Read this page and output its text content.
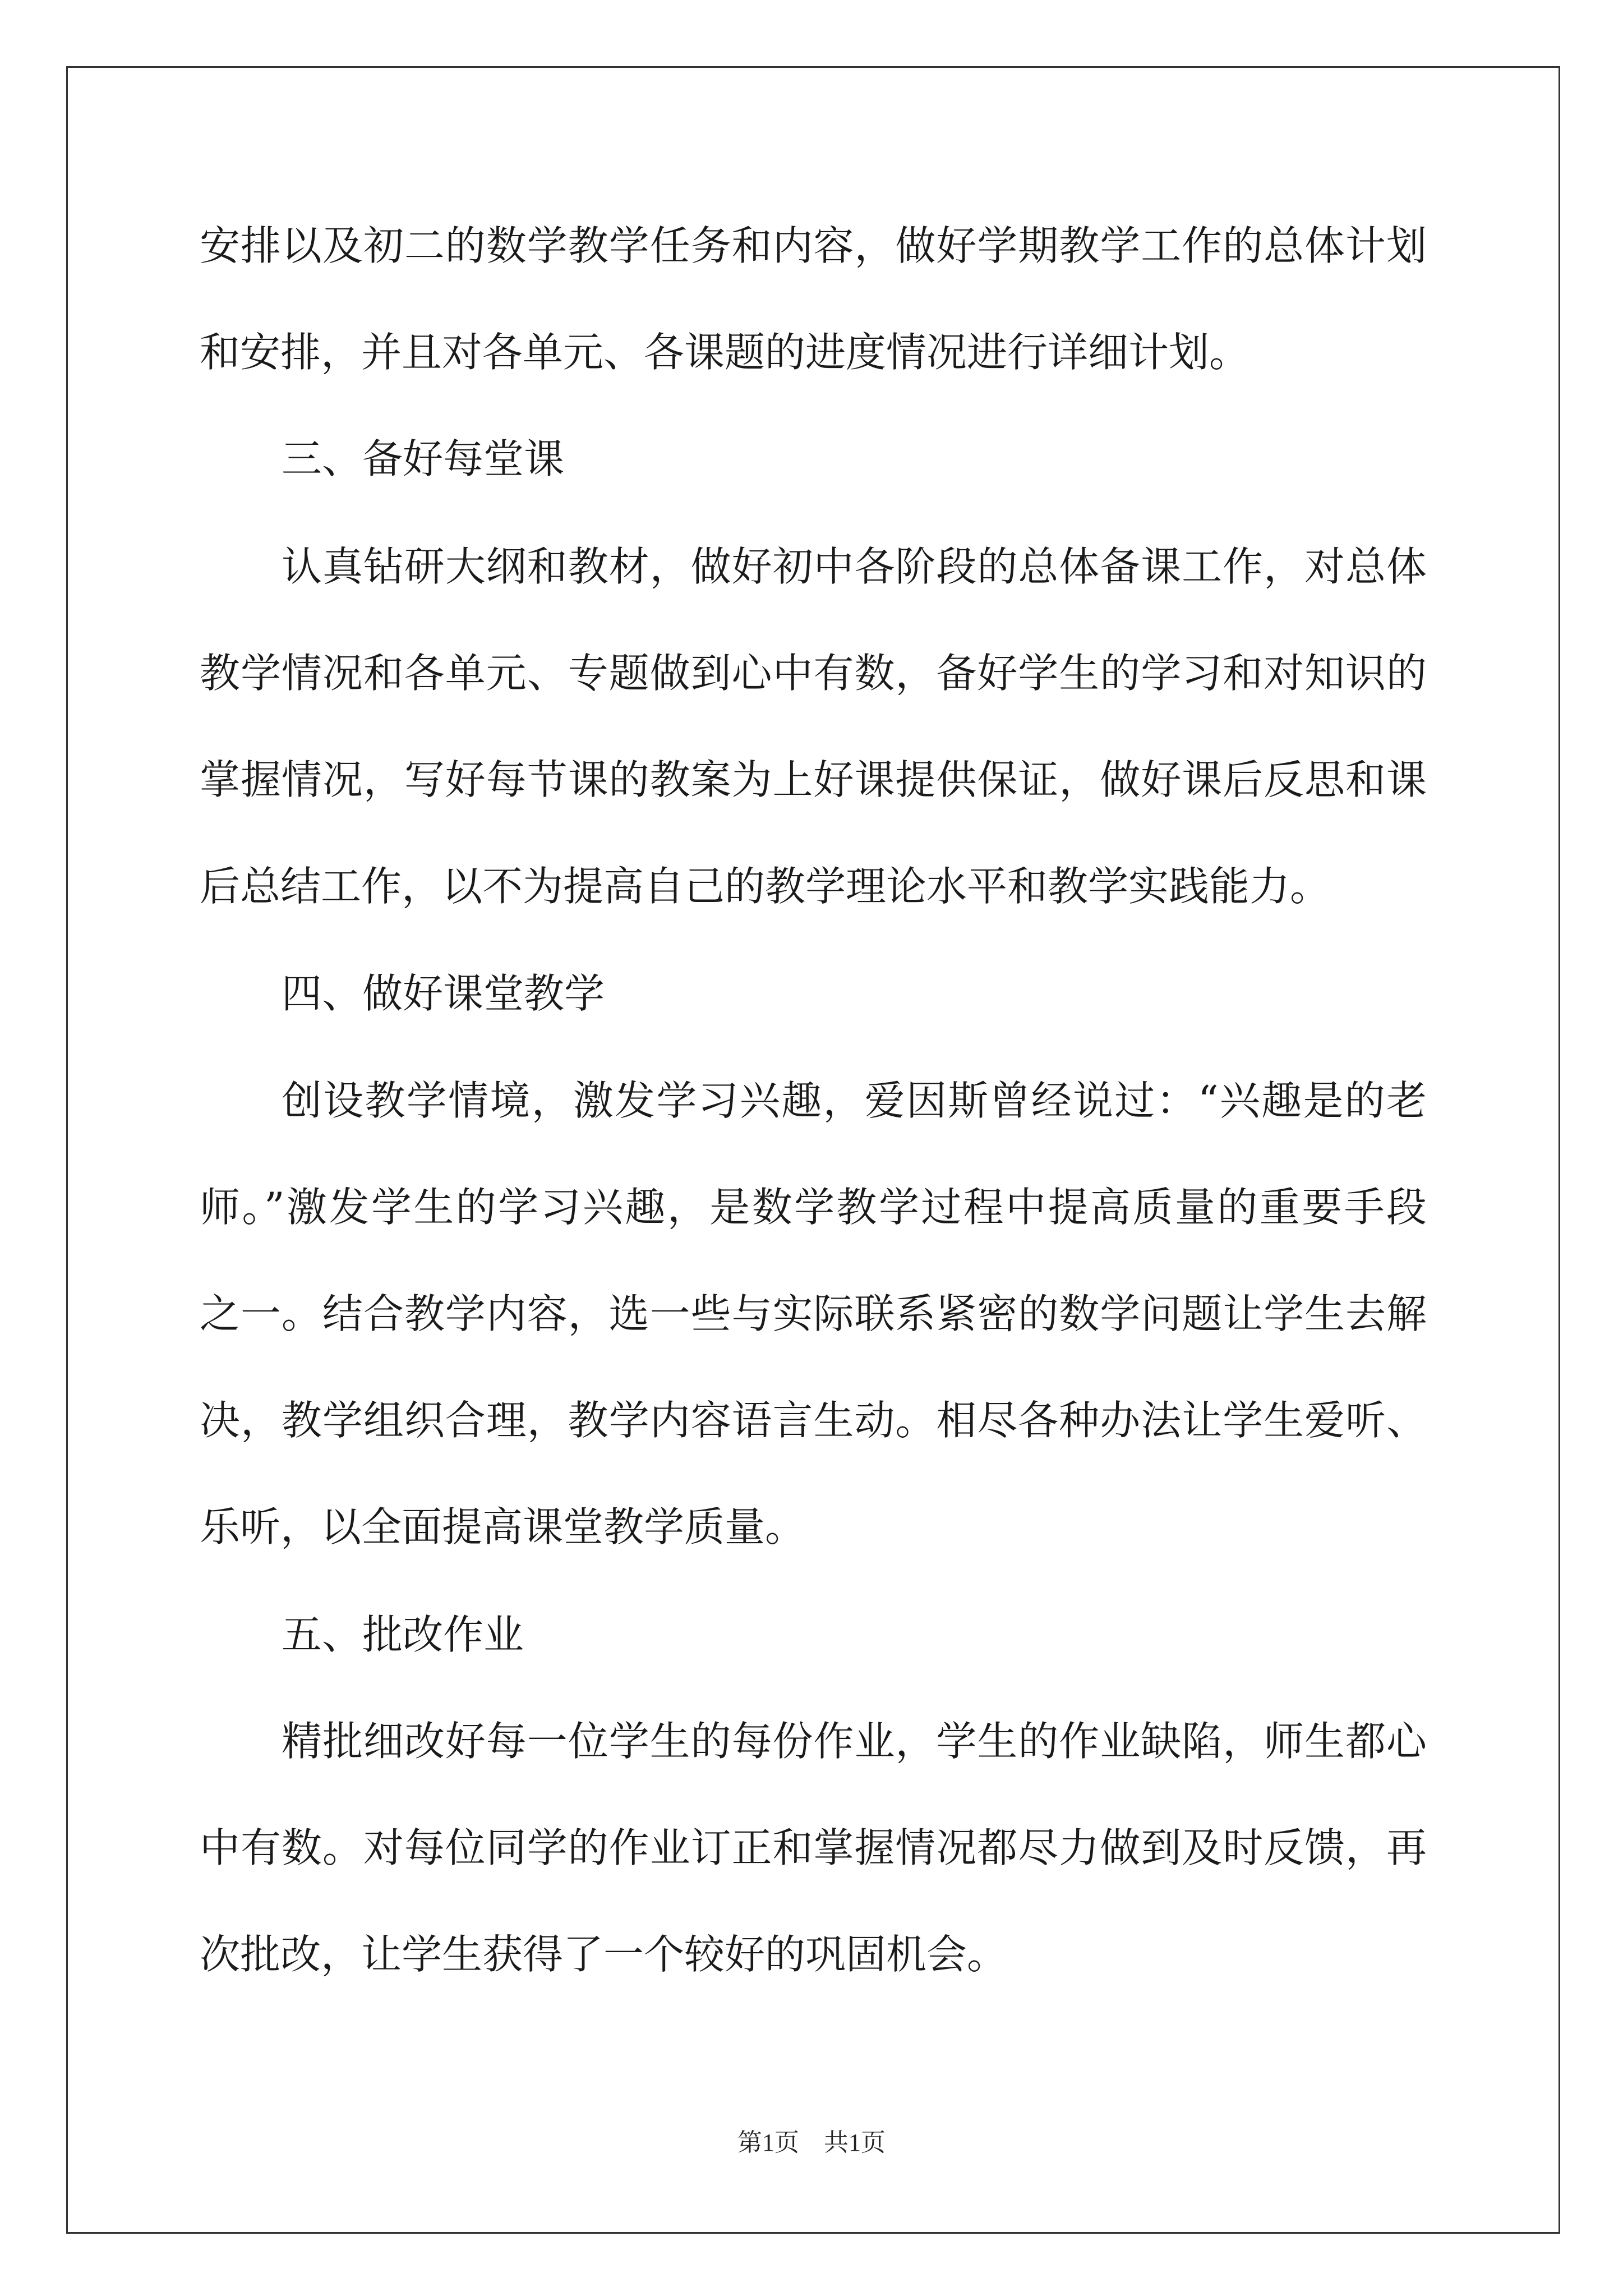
安排以及初二的数学教学任务和内容，做好学期教学工作的总体计划
和安排，并且对各单元、各课题的进度情况进行详细计划。
三、备好每堂课
认真钻研大纲和教材，做好初中各阶段的总体备课工作，对总体
教学情况和各单元、专题做到心中有数，备好学生的学习和对知识的
掌握情况，写好每节课的教案为上好课提供保证，做好课后反思和课
后总结工作，以不为提高自己的教学理论水平和教学实践能力。
四、做好课堂教学
创设教学情境，激发学习兴趣，爱因斯曾经说过：“兴趣是的老
师。”激发学生的学习兴趣，是数学教学过程中提高质量的重要手段
之一。结合教学内容，选一些与实际联系紧密的数学问题让学生去解
决，教学组织合理，教学内容语言生动。相尽各种办法让学生爱听、
乐听，以全面提高课堂教学质量。
五、批改作业
精批细改好每一位学生的每份作业，学生的作业缺陷，师生都心
中有数。对每位同学的作业订正和掌握情况都尽力做到及时反馈，再
次批改，让学生获得了一个较好的巩固机会。
第1页　共1页
